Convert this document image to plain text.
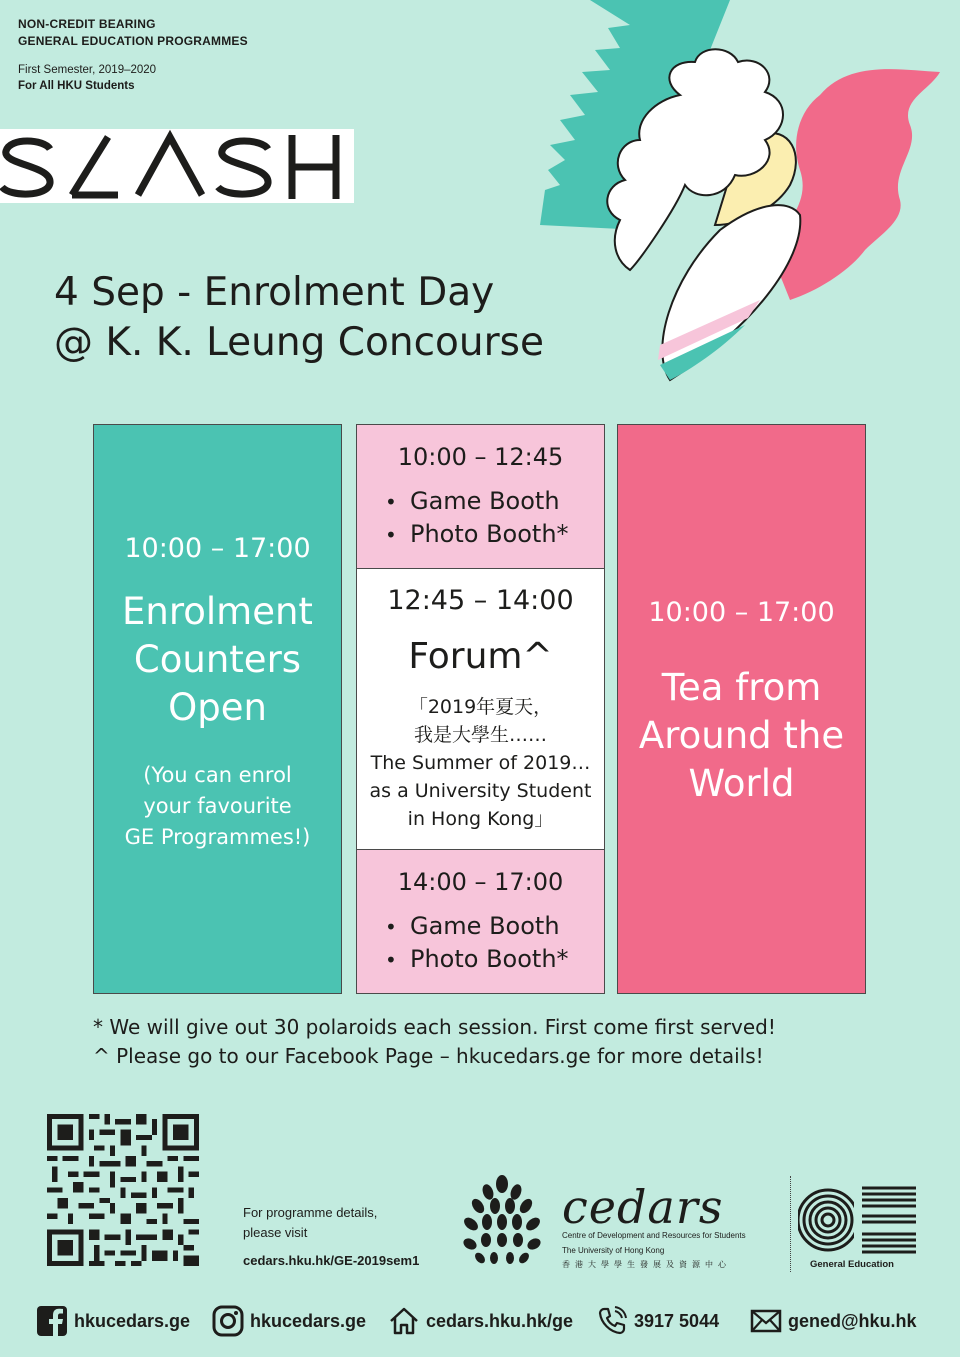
NON-CREDIT BEARING
GENERAL EDUCATION PROGRAMMES
First Semester, 2019–2020
For All HKU Students
4 Sep - Enrolment Day
@ K. K. Leung Concourse
10:00 – 17:00
Enrolment
Counters
Open
(You can enrol
your favourite
GE Programmes!)
10:00 – 12:45
• Game Booth
• Photo Booth*
12:45 – 14:00
Forum^
「2019年夏天，
我是大學生……
The Summer of 2019…
as a University Student
in Hong Kong」
14:00 – 17:00
• Game Booth
• Photo Booth*
10:00 – 17:00
Tea from
Around the
World
* We will give out 30 polaroids each session. First come first served!
^ Please go to our Facebook Page – hkucedars.ge for more details!
For programme details,
please visit
cedars.hku.hk/GE-2019sem1
cedars
Centre of Development and Resources for Students
The University of Hong Kong
香港大學學生發展及資源中心	General Education
hkucedars.ge	hkucedars.ge	cedars.hku.hk/ge	3917 5044	gened@hku.hk
